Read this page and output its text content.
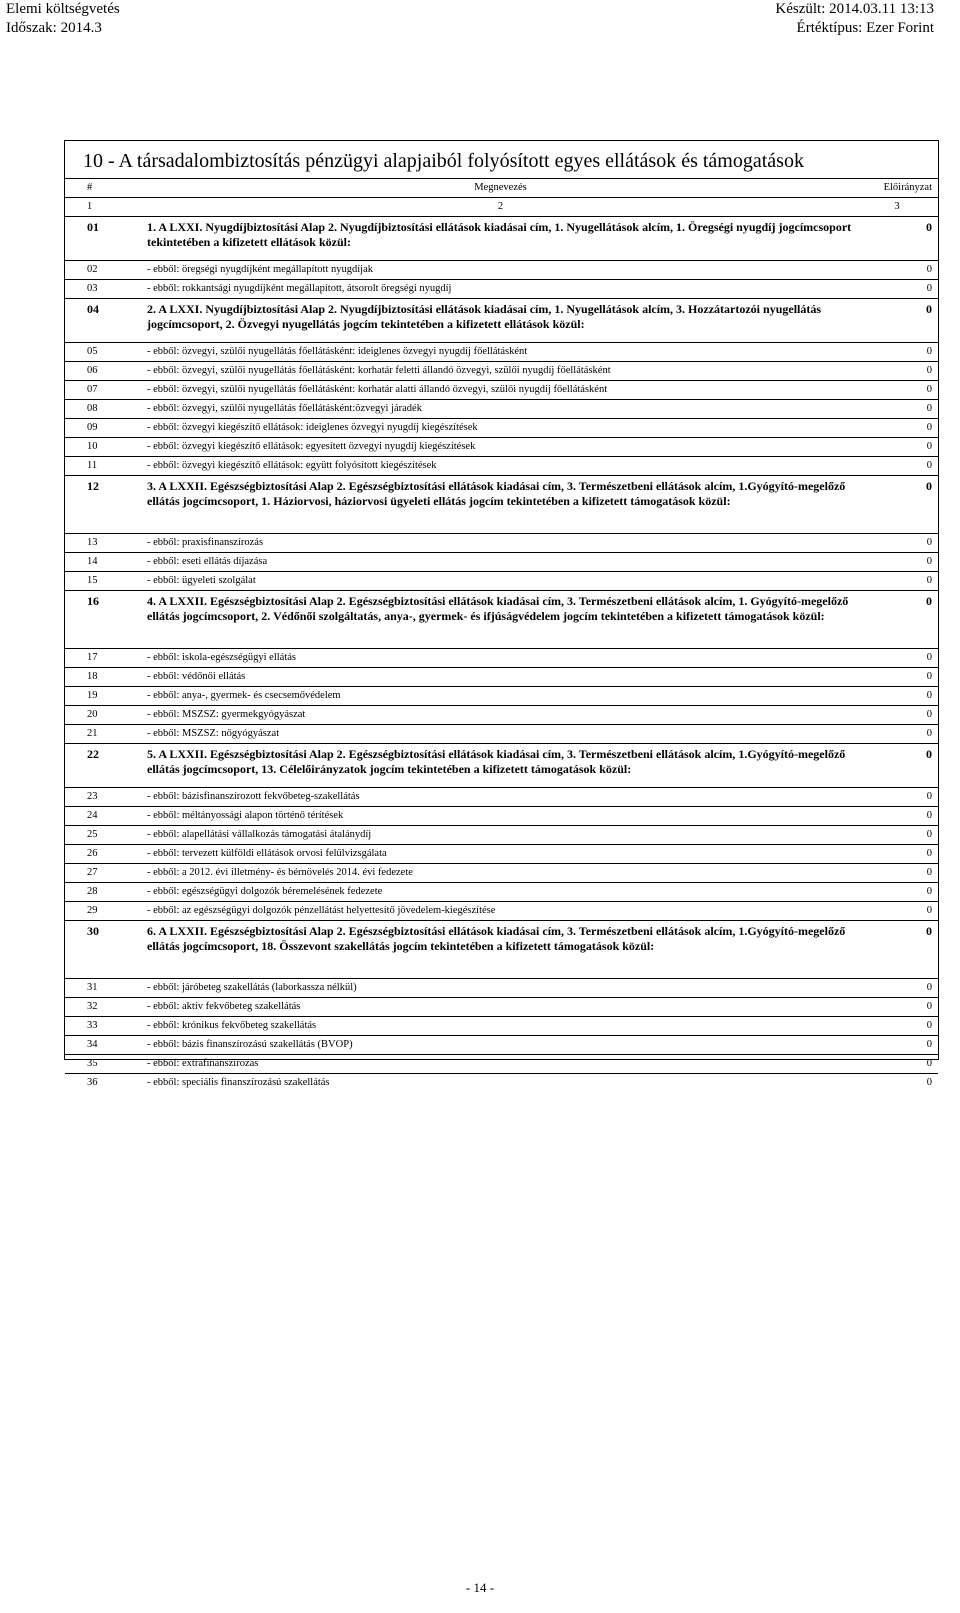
Elemi költségvetés
Időszak: 2014.3
Készült: 2014.03.11 13:13
Értéktípus: Ezer Forint
10 - A társadalombiztosítás pénzügyi alapjaiból folyósított egyes ellátások és támogatások
#	Megnevezés	Előirányzat
1	2	3
01	1. A LXXI. Nyugdíjbiztosítási Alap 2. Nyugdíjbiztosítási ellátások kiadásai cím, 1. Nyugellátások alcím, 1. Öregségi nyugdíj jogcímcsoport tekintetében a kifizetett ellátások közül:	0
02	- ebből: öregségi nyugdíjként megállapított nyugdíjak	0
03	- ebből: rokkantsági nyugdíjként megállapított, átsorolt öregségi nyugdíj	0
04	2. A LXXI. Nyugdíjbiztosítási Alap 2. Nyugdíjbiztosítási ellátások kiadásai cím, 1. Nyugellátások alcím, 3. Hozzátartozói nyugellátás jogcímcsoport, 2. Özvegyi nyugellátás jogcím tekintetében a kifizetett ellátások közül:	0
05	- ebből: özvegyi, szülői nyugellátás főellátásként: ideiglenes özvegyi nyugdíj főellátásként	0
06	- ebből: özvegyi, szülői nyugellátás főellátásként: korhatár feletti állandó özvegyi, szülői nyugdíj főellátásként	0
07	- ebből: özvegyi, szülői nyugellátás főellátásként: korhatár alatti állandó özvegyi, szülői nyugdíj főellátásként	0
08	- ebből: özvegyi, szülői nyugellátás főellátásként:özvegyi járadék	0
09	- ebből: özvegyi kiegészítő ellátások: ideiglenes özvegyi nyugdíj kiegészítések	0
10	- ebből: özvegyi kiegészítő ellátások: egyesített özvegyi nyugdíj kiegészítések	0
11	- ebből: özvegyi kiegészítő ellátások: együtt folyósított kiegészítések	0
12	3. A LXXII. Egészségbiztosítási Alap 2. Egészségbiztosítási ellátások kiadásai cím, 3. Természetbeni ellátások alcím, 1.Gyógyító-megelőző ellátás jogcímcsoport, 1. Háziorvosi, háziorvosi ügyeleti ellátás jogcím tekintetében a kifizetett támogatások közül:	0
13	- ebből: praxisfinanszírozás	0
14	- ebből: eseti ellátás díjazása	0
15	- ebből: ügyeleti szolgálat	0
16	4. A LXXII. Egészségbiztosítási Alap 2. Egészségbiztosítási ellátások kiadásai cím, 3. Természetbeni ellátások alcím, 1. Gyógyító-megelőző ellátás jogcímcsoport, 2. Védőnői szolgáltatás, anya-, gyermek- és ifjúságvédelem jogcím tekintetében a kifizetett támogatások közül:	0
17	- ebből: iskola-egészségügyi ellátás	0
18	- ebből: védőnői ellátás	0
19	- ebből: anya-, gyermek- és csecsemővédelem	0
20	- ebből: MSZSZ: gyermekgyógyászat	0
21	- ebből: MSZSZ: nőgyógyászat	0
22	5. A LXXII. Egészségbiztosítási Alap 2. Egészségbiztosítási ellátások kiadásai cím, 3. Természetbeni ellátások alcím, 1.Gyógyító-megelőző ellátás jogcímcsoport, 13. Célelőirányzatok jogcím tekintetében a kifizetett támogatások közül:	0
23	- ebből: bázisfinanszírozott fekvőbeteg-szakellátás	0
24	- ebből: méltányossági alapon történő térítések	0
25	- ebből: alapellátási vállalkozás támogatási átalánydíj	0
26	- ebből: tervezett külföldi ellátások orvosi felülvizsgálata	0
27	- ebből: a 2012. évi illetmény- és bérnövelés 2014. évi fedezete	0
28	- ebből: egészségügyi dolgozók béremelésének fedezete	0
29	- ebből: az egészségügyi dolgozók pénzellátást helyettesítő jövedelem-kiegészítése	0
30	6. A LXXII. Egészségbiztosítási Alap 2. Egészségbiztosítási ellátások kiadásai cím, 3. Természetbeni ellátások alcím, 1.Gyógyító-megelőző ellátás jogcímcsoport, 18. Összevont szakellátás jogcím tekintetében a kifizetett támogatások közül:	0
31	- ebből: járóbeteg szakellátás (laborkassza nélkül)	0
32	- ebből: aktív fekvőbeteg szakellátás	0
33	- ebből: krónikus fekvőbeteg szakellátás	0
34	- ebből: bázis finanszírozású szakellátás (BVOP)	0
35	- ebből: extrafinanszírozás	0
36	- ebből: speciális finanszírozású szakellátás	0
- 14 -
